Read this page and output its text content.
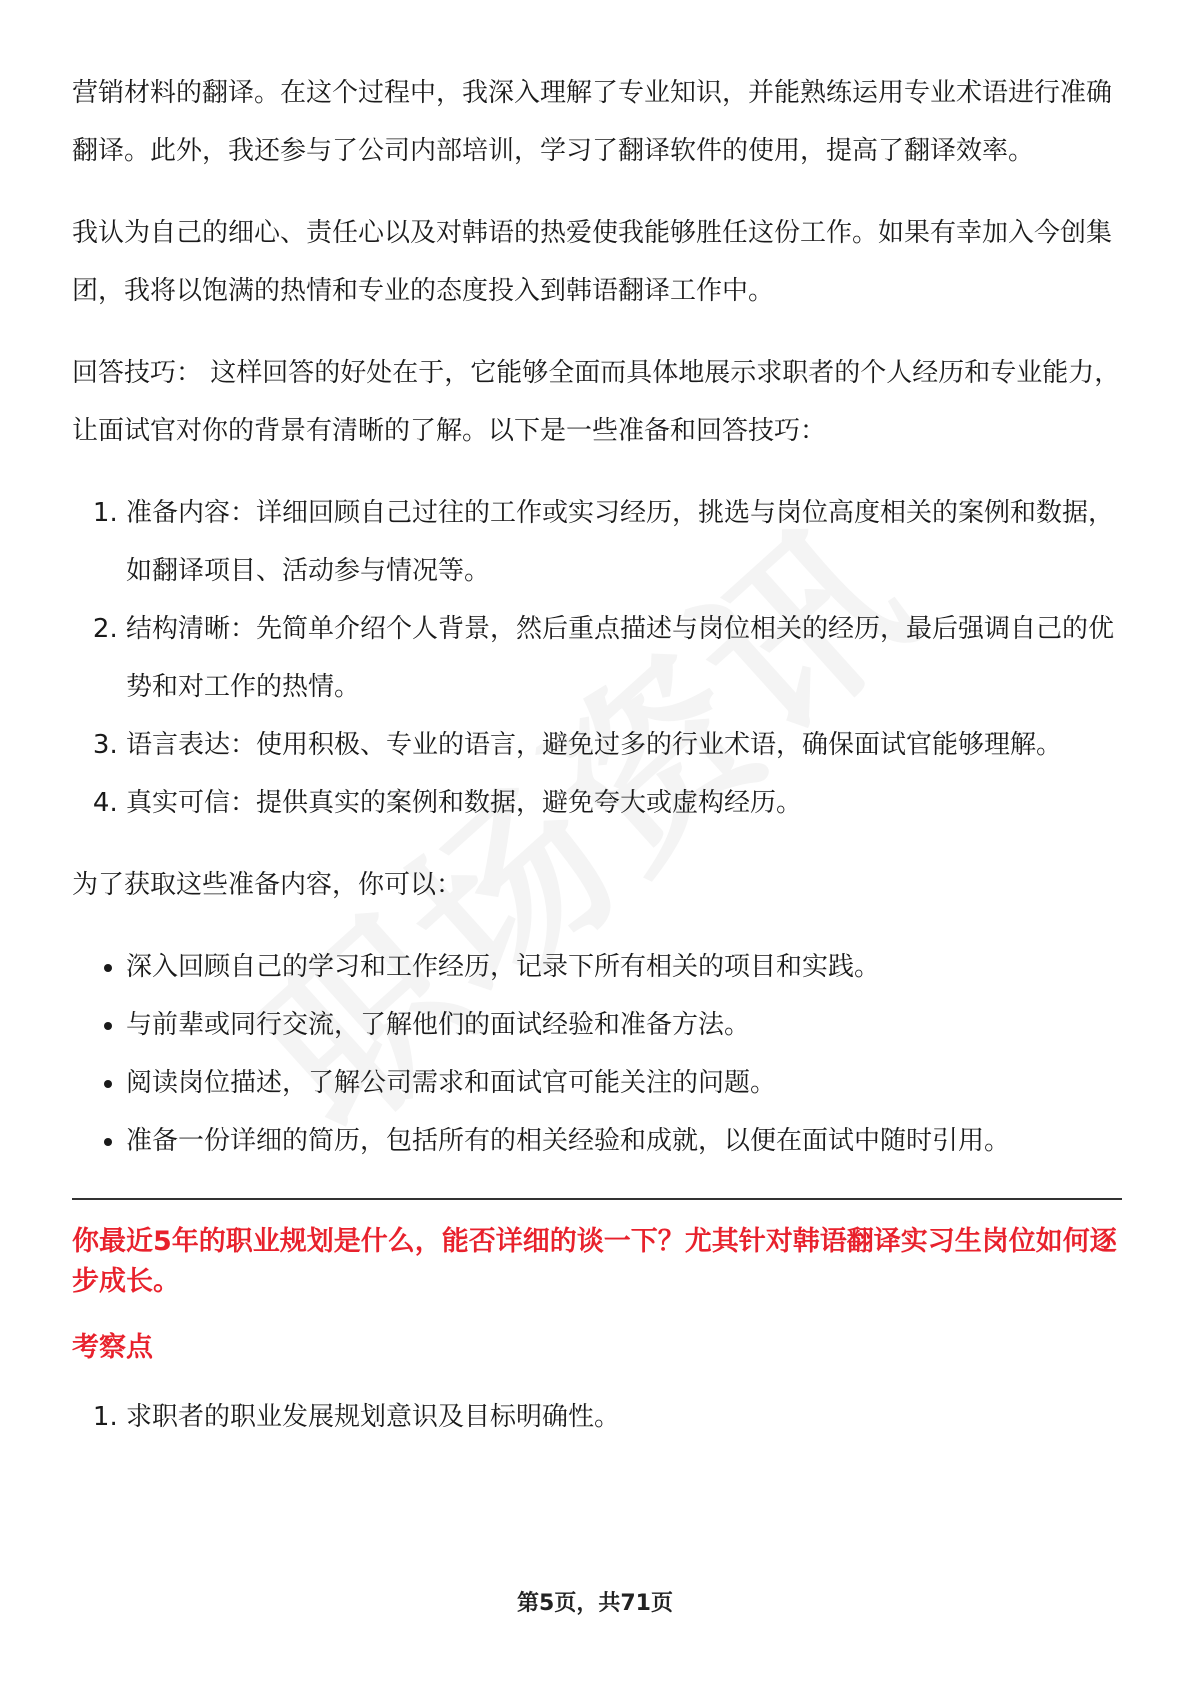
营销材料的翻译。在这个过程中，我深入理解了专业知识，并能熟练运用专业术语进行准确翻译。此外，我还参与了公司内部培训，学习了翻译软件的使用，提高了翻译效率。

我认为自己的细心、责任心以及对韩语的热爱使我能够胜任这份工作。如果有幸加入今创集团，我将以饱满的热情和专业的态度投入到韩语翻译工作中。

回答技巧： 这样回答的好处在于，它能够全面而具体地展示求职者的个人经历和专业能力，让面试官对你的背景有清晰的了解。以下是一些准备和回答技巧：

1. 准备内容：详细回顾自己过往的工作或实习经历，挑选与岗位高度相关的案例和数据，如翻译项目、活动参与情况等。
2. 结构清晰：先简单介绍个人背景，然后重点描述与岗位相关的经历，最后强调自己的优势和对工作的热情。
3. 语言表达：使用积极、专业的语言，避免过多的行业术语，确保面试官能够理解。
4. 真实可信：提供真实的案例和数据，避免夸大或虚构经历。

为了获取这些准备内容，你可以：

• 深入回顾自己的学习和工作经历，记录下所有相关的项目和实践。
• 与前辈或同行交流，了解他们的面试经验和准备方法。
• 阅读岗位描述，了解公司需求和面试官可能关注的问题。
• 准备一份详细的简历，包括所有的相关经验和成就，以便在面试中随时引用。
你最近5年的职业规划是什么，能否详细的谈一下？尤其针对韩语翻译实习生岗位如何逐步成长。
考察点
1. 求职者的职业发展规划意识及目标明确性。
第5页，共71页
